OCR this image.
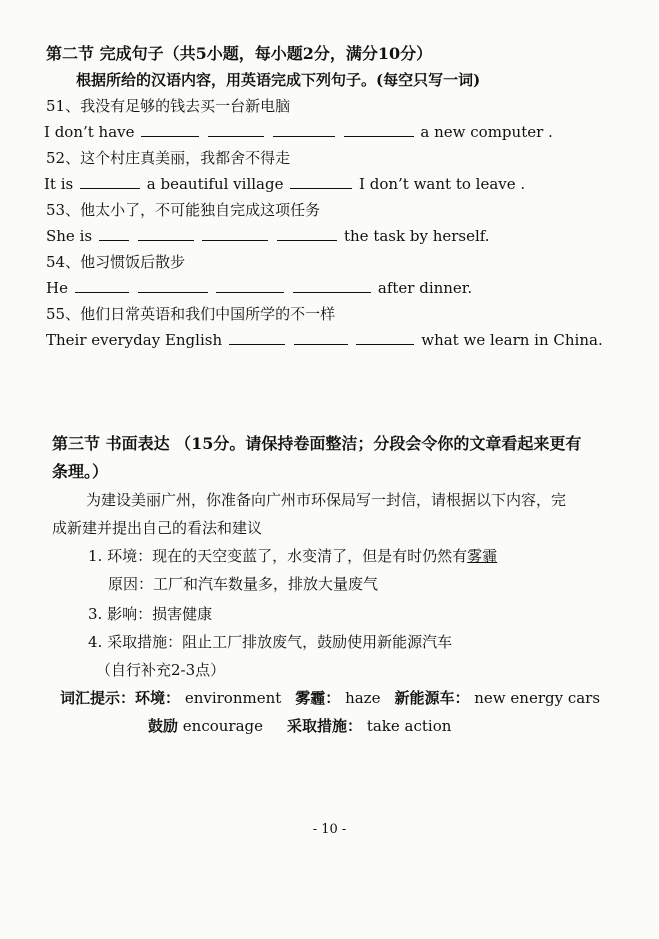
第二节 完成句子（共5小题，每小题2分，满分10分）
根据所给的汉语内容，用英语完成下列句子。(每空只写一词)
51、我没有足够的钱去买一台新电脑
I don’t have	a new computer .
52、这个村庄真美丽，我都舍不得走
It is	a beautiful village	I don’t want to leave .
53、他太小了，不可能独自完成这项任务
She is	the task by herself.
54、他习惯饭后散步
He	after dinner.
55、他们日常英语和我们中国所学的不一样
Their everyday English	what we learn in China.
第三节 书面表达 （15分。请保持卷面整洁；分段会令你的文章看起来更有
条理。）
为建设美丽广州，你准备向广州市环保局写一封信，请根据以下内容，完
成新建并提出自己的看法和建议
1. 环境：现在的天空变蓝了，水变清了，但是有时仍然有雾霾
原因：工厂和汽车数量多，排放大量废气
3. 影响：损害健康
4. 采取措施：阻止工厂排放废气，鼓励使用新能源汽车
（自行补充2-3点）
词汇提示：环境： environment 雾霾： haze 新能源车： new energy cars
鼓励 encourage 采取措施： take action
- 10 -
